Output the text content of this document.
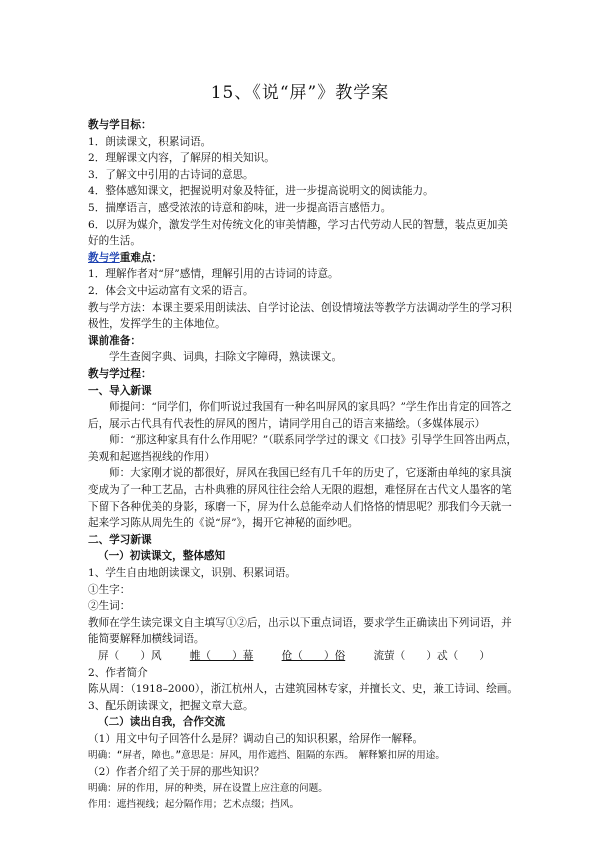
15、《说“屏”》教学案
教与学目标：
1．朗读课文，积累词语。
2．理解课文内容，了解屏的相关知识。
3．了解文中引用的古诗词的意思。
4．整体感知课文，把握说明对象及特征，进一步提高说明文的阅读能力。
5．揣摩语言，感受浓浓的诗意和韵味，进一步提高语言感悟力。
6．以屏为媒介，激发学生对传统文化的审美情趣，学习古代劳动人民的智慧，装点更加美
好的生活。
教与学重难点：
1．理解作者对“屏”感情，理解引用的古诗词的诗意。
2．体会文中运动富有文采的语言。
教与学方法：本课主要采用朗读法、自学讨论法、创设情境法等教学方法调动学生的学习积
极性，发挥学生的主体地位。
课前准备：
学生查阅字典、词典，扫除文字障碍，熟读课文。
教与学过程：
一、导入新课
师提问：“同学们，你们听说过我国有一种名叫屏风的家具吗？”学生作出肯定的回答之
后，展示古代具有代表性的屏风的图片，请同学用自己的语言来描绘。（多媒体展示）
师：“那这种家具有什么作用呢？”（联系同学学过的课文《口技》引导学生回答出两点，
美观和起遮挡视线的作用）
师：大家刚才说的都很好，屏风在我国已经有几千年的历史了，它逐渐由单纯的家具演
变成为了一种工艺品，古朴典雅的屏风往往会给人无限的遐想，难怪屏在古代文人墨客的笔
下留下各种优美的身影，琢磨一下，屏为什么总能牵动人们恪恪的情思呢？那我们今天就一
起来学习陈从周先生的《说“屏”》，揭开它神秘的面纱吧。
二、学习新课
（一）初读课文，整体感知
1、学生自由地朗读课文，识别、积累词语。
①生字：
②生词：
教师在学生读完课文自主填写①②后，出示以下重点词语，要求学生正确读出下列词语，并
能简要解释加横线词语。
屏（　　）风	帷（　　）幕	伧（　　）俗	流萤（　　）忒（　　）
2、作者简介
陈从周：（1918–2000），浙江杭州人，古建筑园林专家，并擅长文、史，兼工诗词、绘画。
3、配乐朗读课文，把握文章大意。
（二）读出自我，合作交流
（1）用文中句子回答什么是屏？调动自己的知识积累，给屏作一解释。
明确：“屏者，障也。”意思是：屏风，用作遮挡、阻隔的东西。　解释繁扣屏的用途。
（2）作者介绍了关于屏的那些知识？
明确：屏的作用，屏的种类，屏在设置上应注意的问题。
作用：遮挡视线；起分隔作用；艺术点缀；挡风。
